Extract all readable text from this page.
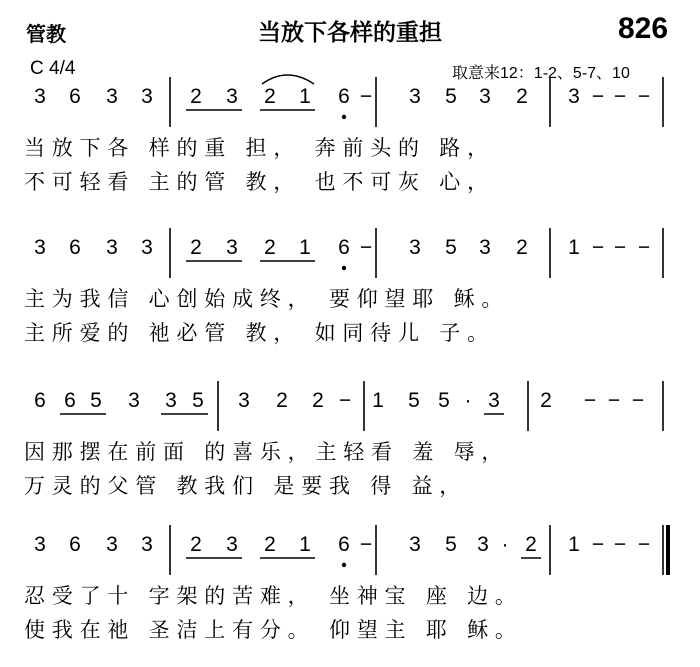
管教	当放下各样的重担	826
C 4/4	取意来12：1-2、5-7、10
3 6 3 3 2 3 2 1 6 − 3 5 3 2 3 − − −
当放下各 样的重 担， 奔前头的 路，
不可轻看 主的管 教， 也不可灰 心，
3 6 3 3 2 3 2 1 6 − 3 5 3 2 1 − − −
主为我信 心创始成终， 要仰望耶 稣。
主所爱的 祂必管 教， 如同待儿 子。
6 6 5 3 3 5 3 2 2 − 1 5 5 · 3 2 − − −
因那摆在前面 的喜乐，主轻看 羞 辱，
万灵的父管 教我们 是要我 得 益，
3 6 3 3 2 3 2 1 6 − 3 5 3 · 2 1 − − −
忍受了十 字架的苦难， 坐神宝 座 边。
使我在祂 圣洁上有分。 仰望主 耶 稣。
